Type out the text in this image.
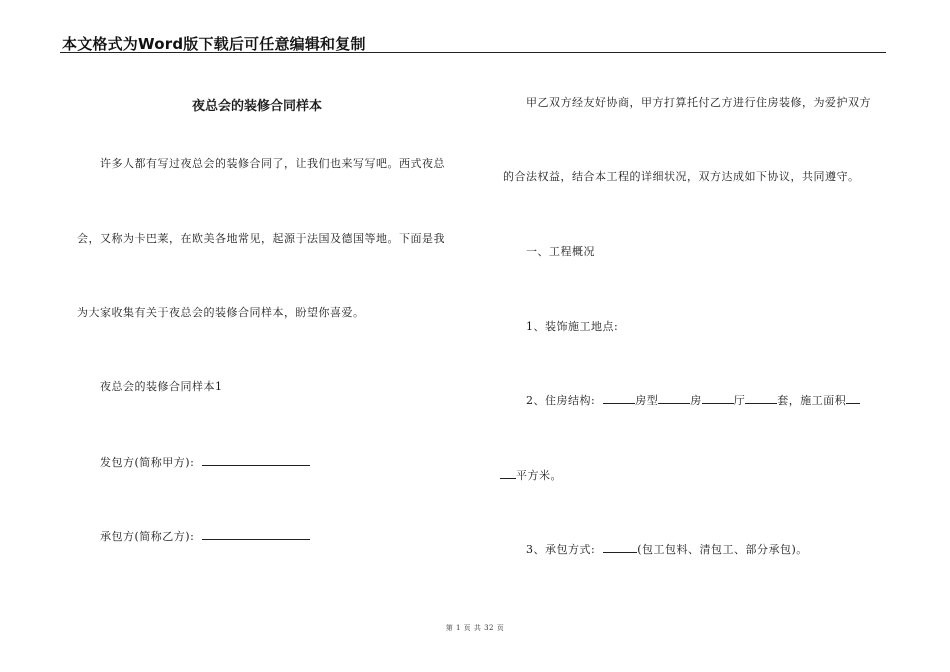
本文格式为Word版下载后可任意编辑和复制
夜总会的装修合同样本
许多人都有写过夜总会的装修合同了，让我们也来写写吧。西式夜总
会，又称为卡巴莱，在欧美各地常见，起源于法国及德国等地。下面是我
为大家收集有关于夜总会的装修合同样本，盼望你喜爱。
夜总会的装修合同样本1
发包方(简称甲方):
承包方(简称乙方):
甲乙双方经友好协商，甲方打算托付乙方进行住房装修，为爱护双方
的合法权益，结合本工程的详细状况，双方达成如下协议，共同遵守。
一、工程概况
1、装饰施工地点:
2、住房结构:	房型	房	厅	套，施工面积
平方米。
3、承包方式:	(包工包料、清包工、部分承包)。
第 1 页 共 32 页
